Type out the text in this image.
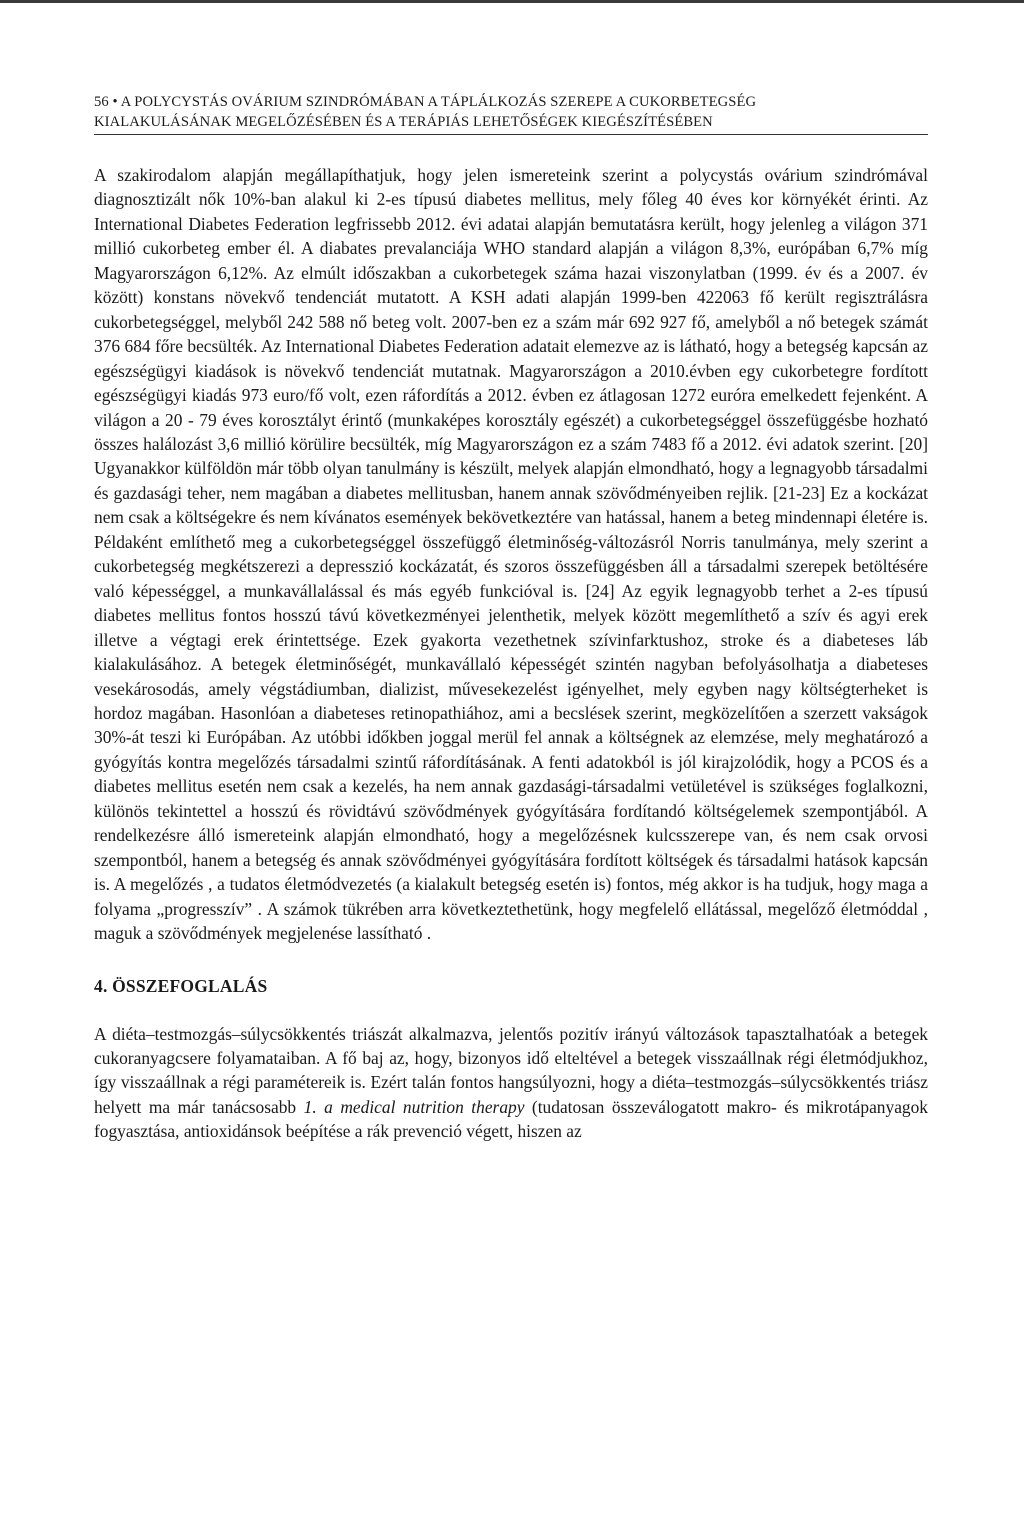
56 • A POLYCYSTÁS OVÁRIUM SZINDRÓMÁBAN A TÁPLÁLKOZÁS SZEREPE A CUKORBETEGSÉG
KIALAKULÁSÁNAK MEGELŐZÉSÉBEN ÉS A TERÁPIÁS LEHETŐSÉGEK KIEGÉSZÍTÉSÉBEN

A szakirodalom alapján megállapíthatjuk, hogy jelen ismereteink szerint a polycystás ovárium szindrómával diagnosztizált nők 10%-ban alakul ki 2-es típusú diabetes mellitus, mely főleg 40 éves kor környékét érinti. Az International Diabetes Federation legfrissebb 2012. évi adatai alapján bemutatásra került, hogy jelenleg a világon 371 millió cukorbeteg ember él. A diabates prevalanciája WHO standard alapján a világon 8,3%, európában 6,7% míg Magyarországon 6,12%. Az elmúlt időszakban a cukorbetegek száma hazai viszonylatban (1999. év és a 2007. év között) konstans növekvő tendenciát mutatott. A KSH adati alapján 1999-ben 422063 fő került regisztrálásra cukorbetegséggel, melyből 242 588 nő beteg volt. 2007-ben ez a szám már 692 927 fő, amelyből a nő betegek számát 376 684 főre becsülték. Az International Diabetes Federation adatait elemezve az is látható, hogy a betegség kapcsán az egészségügyi kiadások is növekvő tendenciát mutatnak. Magyarországon a 2010.évben egy cukorbetegre fordított egészségügyi kiadás 973 euro/fő volt, ezen ráfordítás a 2012. évben ez átlagosan 1272 euróra emelkedett fejenként. A világon a 20 - 79 éves korosztályt érintő (munkaképes korosztály egészét) a cukorbetegséggel összefüggésbe hozható összes halálozást 3,6 millió körülire becsülték, míg Magyarországon ez a szám 7483 fő a 2012. évi adatok szerint. [20] Ugyanakkor külföldön már több olyan tanulmány is készült, melyek alapján elmondható, hogy a legnagyobb társadalmi és gazdasági teher, nem magában a diabetes mellitusban, hanem annak szövődményeiben rejlik. [21-23] Ez a kockázat nem csak a költségekre és nem kívánatos események bekövetkeztére van hatással, hanem a beteg mindennapi életére is. Példaként említhető meg a cukorbetegséggel összefüggő életminőség-változásról Norris tanulmánya, mely szerint a cukorbetegség megkétszerezi a depresszió kockázatát, és szoros összefüggésben áll a társadalmi szerepek betöltésére való képességgel, a munkavállalással és más egyéb funkcióval is. [24] Az egyik legnagyobb terhet a 2-es típusú diabetes mellitus fontos hosszú távú következményei jelenthetik, melyek között megemlíthető a szív és agyi erek illetve a végtagi erek érintettsége. Ezek gyakorta vezethetnek szívinfarktushoz, stroke és a diabeteses láb kialakulásához. A betegek életminőségét, munkavállaló képességét szintén nagyban befolyásolhatja a diabeteses vesekárosodás, amely végstádiumban, dializist, művesekezelést igényelhet, mely egyben nagy költségterheket is hordoz magában. Hasonlóan a diabeteses retinopathiához, ami a becslések szerint, megközelítően a szerzett vakságok 30%-át teszi ki Európában. Az utóbbi időkben joggal merül fel annak a költségnek az elemzése, mely meghatározó a gyógyítás kontra megelőzés társadalmi szintű ráfordításának. A fenti adatokból is jól kirajzolódik, hogy a PCOS és a diabetes mellitus esetén nem csak a kezelés, ha nem annak gazdasági-társadalmi vetületével is szükséges foglalkozni, különös tekintettel a hosszú és rövidtávú szövődmények gyógyítására fordítandó költségelemek szempontjából. A rendelkezésre álló ismereteink alapján elmondható, hogy a megelőzésnek kulcsszerepe van, és nem csak orvosi szempontból, hanem a betegség és annak szövődményei gyógyítására fordított költségek és társadalmi hatások kapcsán is. A megelőzés , a tudatos életmódvezetés (a kialakult betegség esetén is) fontos, még akkor is ha tudjuk, hogy maga a folyama „progresszív” . A számok tükrében arra következtethetünk, hogy megfelelő ellátással, megelőző életmóddal , maguk a szövődmények megjelenése lassítható .

4. ÖSSZEFOGLALÁS

A diéta–testmozgás–súlycsökkentés triászát alkalmazva, jelentős pozitív irányú változások tapasztalhatóak a betegek cukoranyagcsere folyamataiban. A fő baj az, hogy, bizonyos idő elteltével a betegek visszaállnak régi életmódjukhoz, így visszaállnak a régi paramétereik is. Ezért talán fontos hangsúlyozni, hogy a diéta–testmozgás–súlycsökkentés triász helyett ma már tanácsosabb 1. a medical nutrition therapy (tudatosan összeválogatott makro- és mikrotápanyagok fogyasztása, antioxidánsok beépítése a rák prevenció végett, hiszen az
